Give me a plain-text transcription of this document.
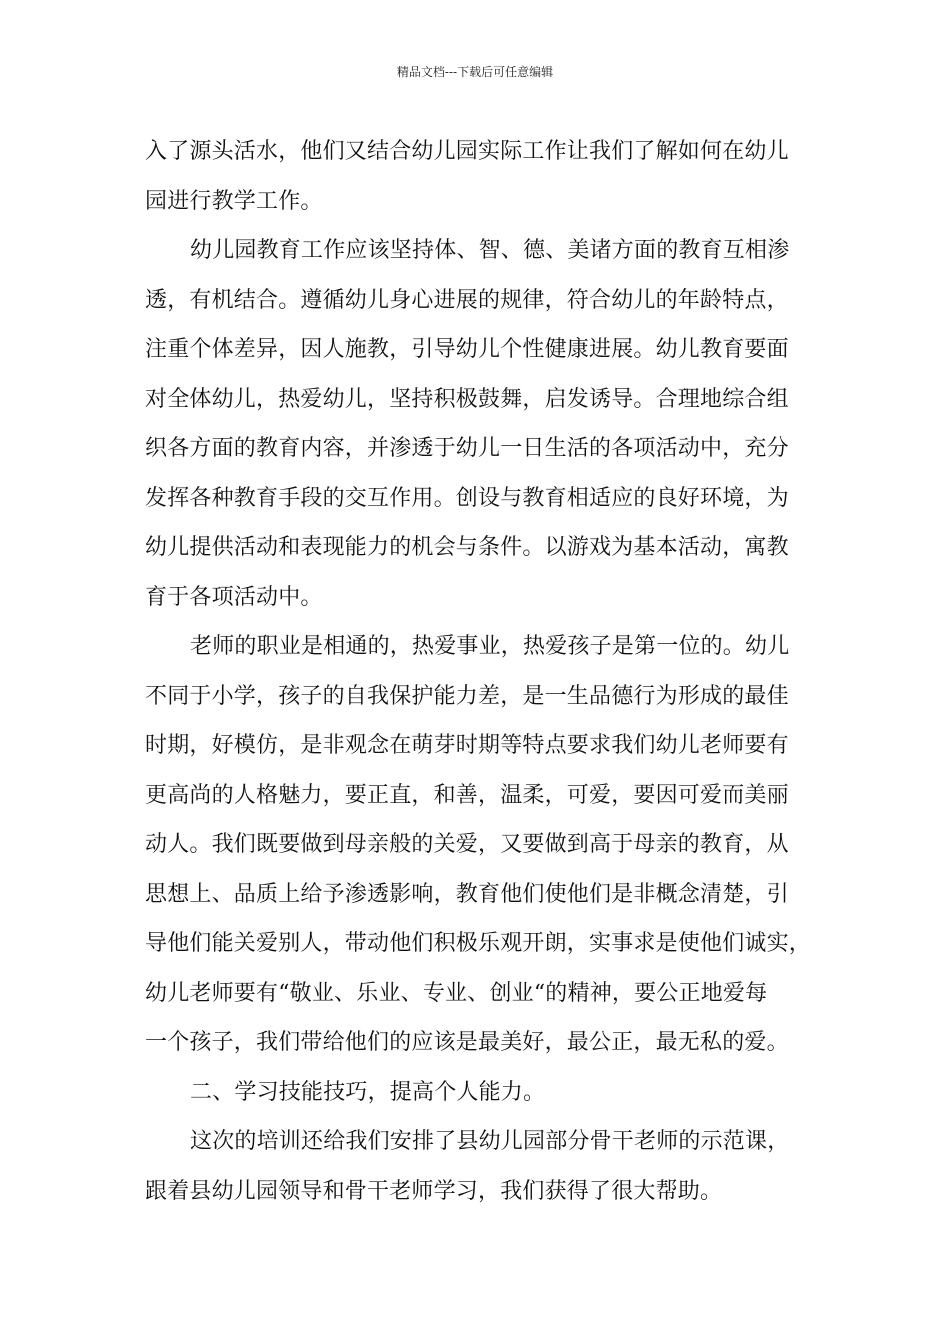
精品文档---下载后可任意编辑
入了源头活水，他们又结合幼儿园实际工作让我们了解如何在幼儿
园进行教学工作。
幼儿园教育工作应该坚持体、智、德、美诸方面的教育互相渗
透，有机结合。遵循幼儿身心进展的规律，符合幼儿的年龄特点，
注重个体差异，因人施教，引导幼儿个性健康进展。幼儿教育要面
对全体幼儿，热爱幼儿，坚持积极鼓舞，启发诱导。合理地综合组
织各方面的教育内容，并渗透于幼儿一日生活的各项活动中，充分
发挥各种教育手段的交互作用。创设与教育相适应的良好环境，为
幼儿提供活动和表现能力的机会与条件。以游戏为基本活动，寓教
育于各项活动中。
老师的职业是相通的，热爱事业，热爱孩子是第一位的。幼儿
不同于小学，孩子的自我保护能力差，是一生品德行为形成的最佳
时期，好模仿，是非观念在萌芽时期等特点要求我们幼儿老师要有
更高尚的人格魅力，要正直，和善，温柔，可爱，要因可爱而美丽
动人。我们既要做到母亲般的关爱，又要做到高于母亲的教育，从
思想上、品质上给予渗透影响，教育他们使他们是非概念清楚，引
导他们能关爱别人，带动他们积极乐观开朗，实事求是使他们诚实，
幼儿老师要有“敬业、乐业、专业、创业“的精神，要公正地爱每
一个孩子，我们带给他们的应该是最美好，最公正，最无私的爱。
二、学习技能技巧，提高个人能力。
这次的培训还给我们安排了县幼儿园部分骨干老师的示范课，
跟着县幼儿园领导和骨干老师学习，我们获得了很大帮助。
